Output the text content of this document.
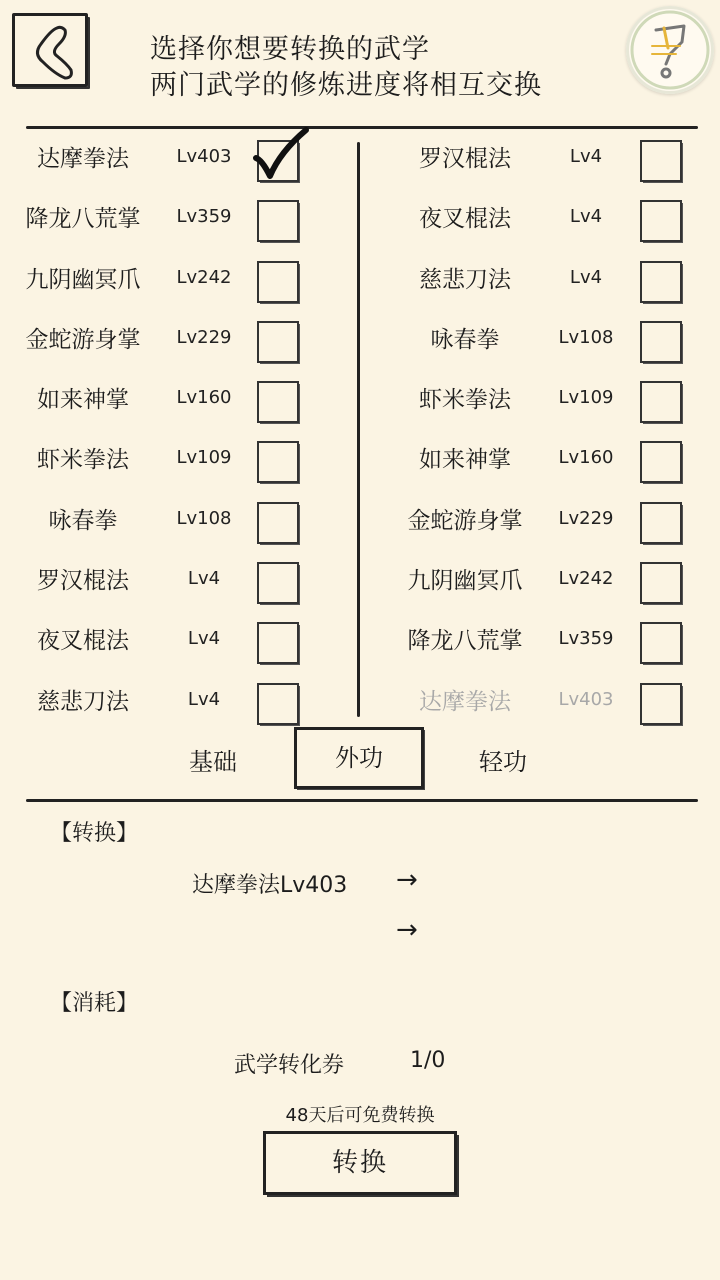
选择你想要转换的武学
两门武学的修炼进度将相互交换
达摩拳法	Lv403
降龙八荒掌	Lv359
九阴幽冥爪	Lv242
金蛇游身掌	Lv229
如来神掌	Lv160
虾米拳法	Lv109
咏春拳	Lv108
罗汉棍法	Lv4
夜叉棍法	Lv4
慈悲刀法	Lv4
罗汉棍法	Lv4
夜叉棍法	Lv4
慈悲刀法	Lv4
咏春拳	Lv108
虾米拳法	Lv109
如来神掌	Lv160
金蛇游身掌	Lv229
九阴幽冥爪	Lv242
降龙八荒掌	Lv359
达摩拳法	Lv403
基础	外功	轻功
【转换】
达摩拳法Lv403 →
→
【消耗】
武学转化券	1/0
48天后可免费转换
转换
